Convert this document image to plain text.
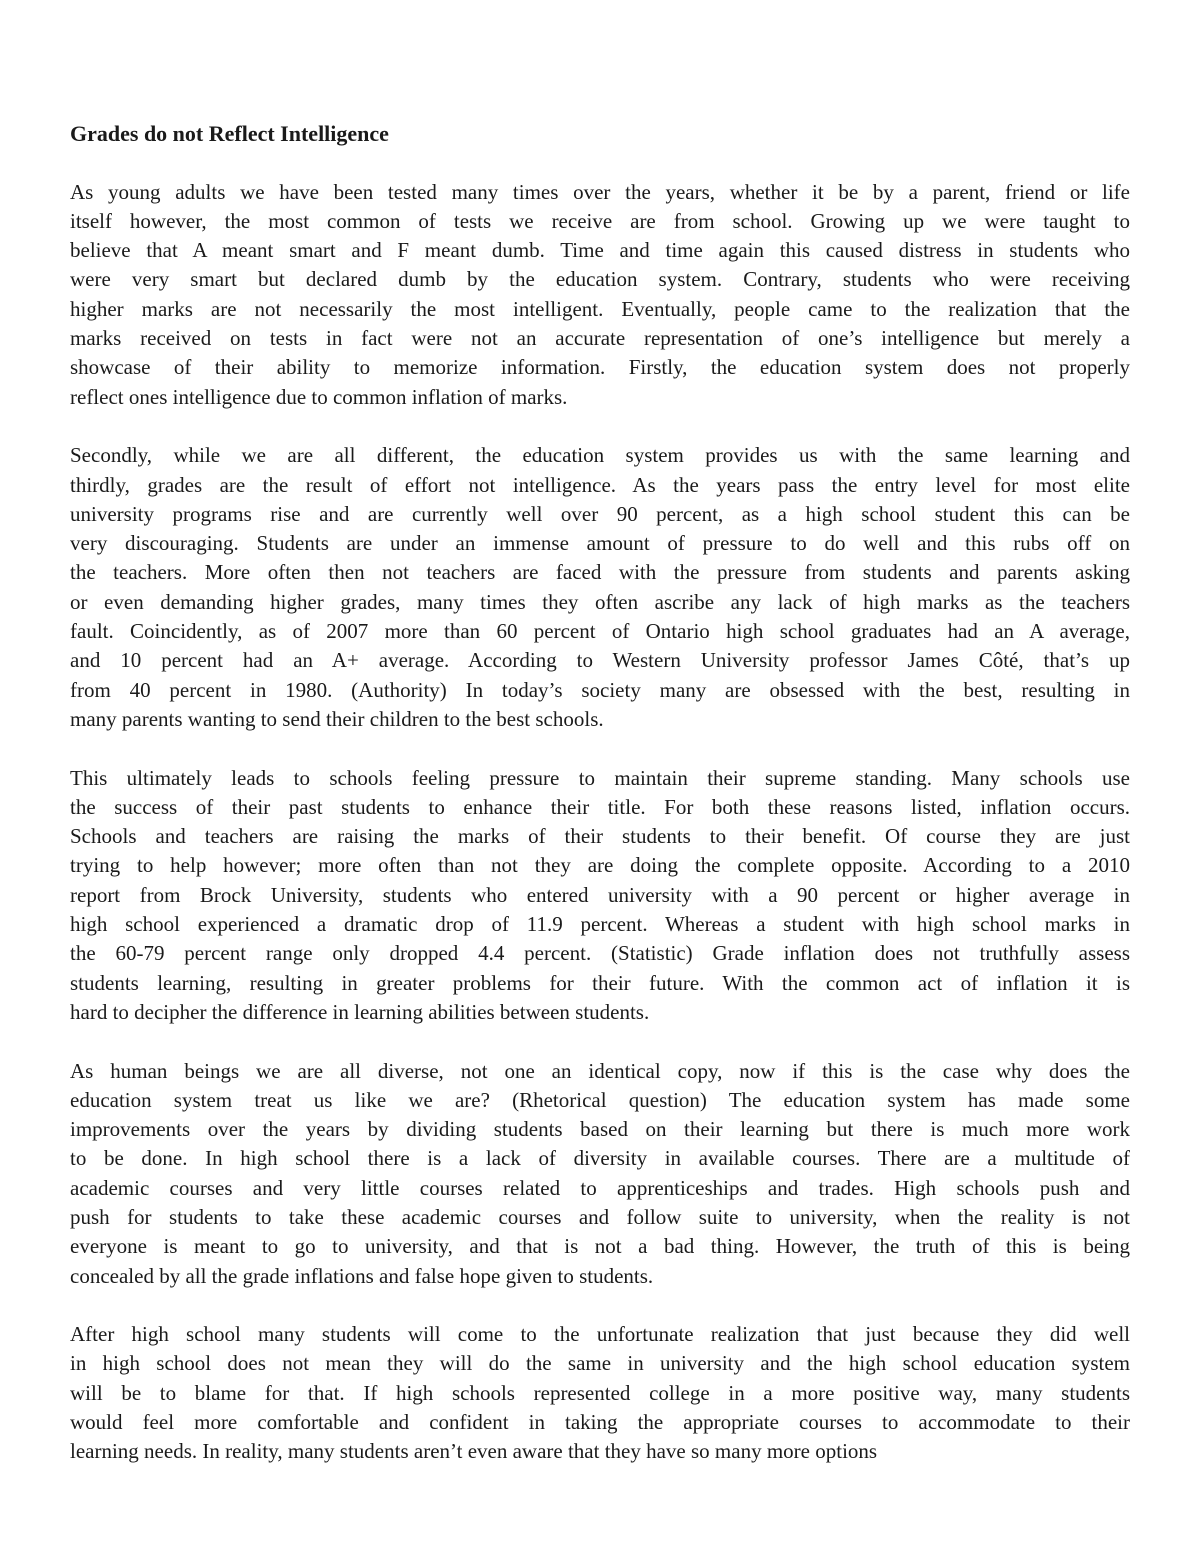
Grades do not Reflect Intelligence
As young adults we have been tested many times over the years, whether it be by a parent, friend or life
itself however, the most common of tests we receive are from school. Growing up we were taught to
believe that A meant smart and F meant dumb. Time and time again this caused distress in students who
were very smart but declared dumb by the education system. Contrary, students who were receiving
higher marks are not necessarily the most intelligent. Eventually, people came to the realization that the
marks received on tests in fact were not an accurate representation of one’s intelligence but merely a
showcase of their ability to memorize information. Firstly, the education system does not properly
reflect ones intelligence due to common inflation of marks.
Secondly, while we are all different, the education system provides us with the same learning and
thirdly, grades are the result of effort not intelligence. As the years pass the entry level for most elite
university programs rise and are currently well over 90 percent, as a high school student this can be
very discouraging. Students are under an immense amount of pressure to do well and this rubs off on
the teachers. More often then not teachers are faced with the pressure from students and parents asking
or even demanding higher grades, many times they often ascribe any lack of high marks as the teachers
fault. Coincidently, as of 2007 more than 60 percent of Ontario high school graduates had an A average,
and 10 percent had an A+ average. According to Western University professor James Côté, that’s up
from 40 percent in 1980. (Authority) In today’s society many are obsessed with the best, resulting in
many parents wanting to send their children to the best schools.
This ultimately leads to schools feeling pressure to maintain their supreme standing. Many schools use
the success of their past students to enhance their title. For both these reasons listed, inflation occurs.
Schools and teachers are raising the marks of their students to their benefit. Of course they are just
trying to help however; more often than not they are doing the complete opposite. According to a 2010
report from Brock University, students who entered university with a 90 percent or higher average in
high school experienced a dramatic drop of 11.9 percent. Whereas a student with high school marks in
the 60-79 percent range only dropped 4.4 percent. (Statistic) Grade inflation does not truthfully assess
students learning, resulting in greater problems for their future. With the common act of inflation it is
hard to decipher the difference in learning abilities between students.
As human beings we are all diverse, not one an identical copy, now if this is the case why does the
education system treat us like we are? (Rhetorical question) The education system has made some
improvements over the years by dividing students based on their learning but there is much more work
to be done. In high school there is a lack of diversity in available courses. There are a multitude of
academic courses and very little courses related to apprenticeships and trades. High schools push and
push for students to take these academic courses and follow suite to university, when the reality is not
everyone is meant to go to university, and that is not a bad thing. However, the truth of this is being
concealed by all the grade inflations and false hope given to students.
After high school many students will come to the unfortunate realization that just because they did well
in high school does not mean they will do the same in university and the high school education system
will be to blame for that. If high schools represented college in a more positive way, many students
would feel more comfortable and confident in taking the appropriate courses to accommodate to their
learning needs. In reality, many students aren’t even aware that they have so many more options
